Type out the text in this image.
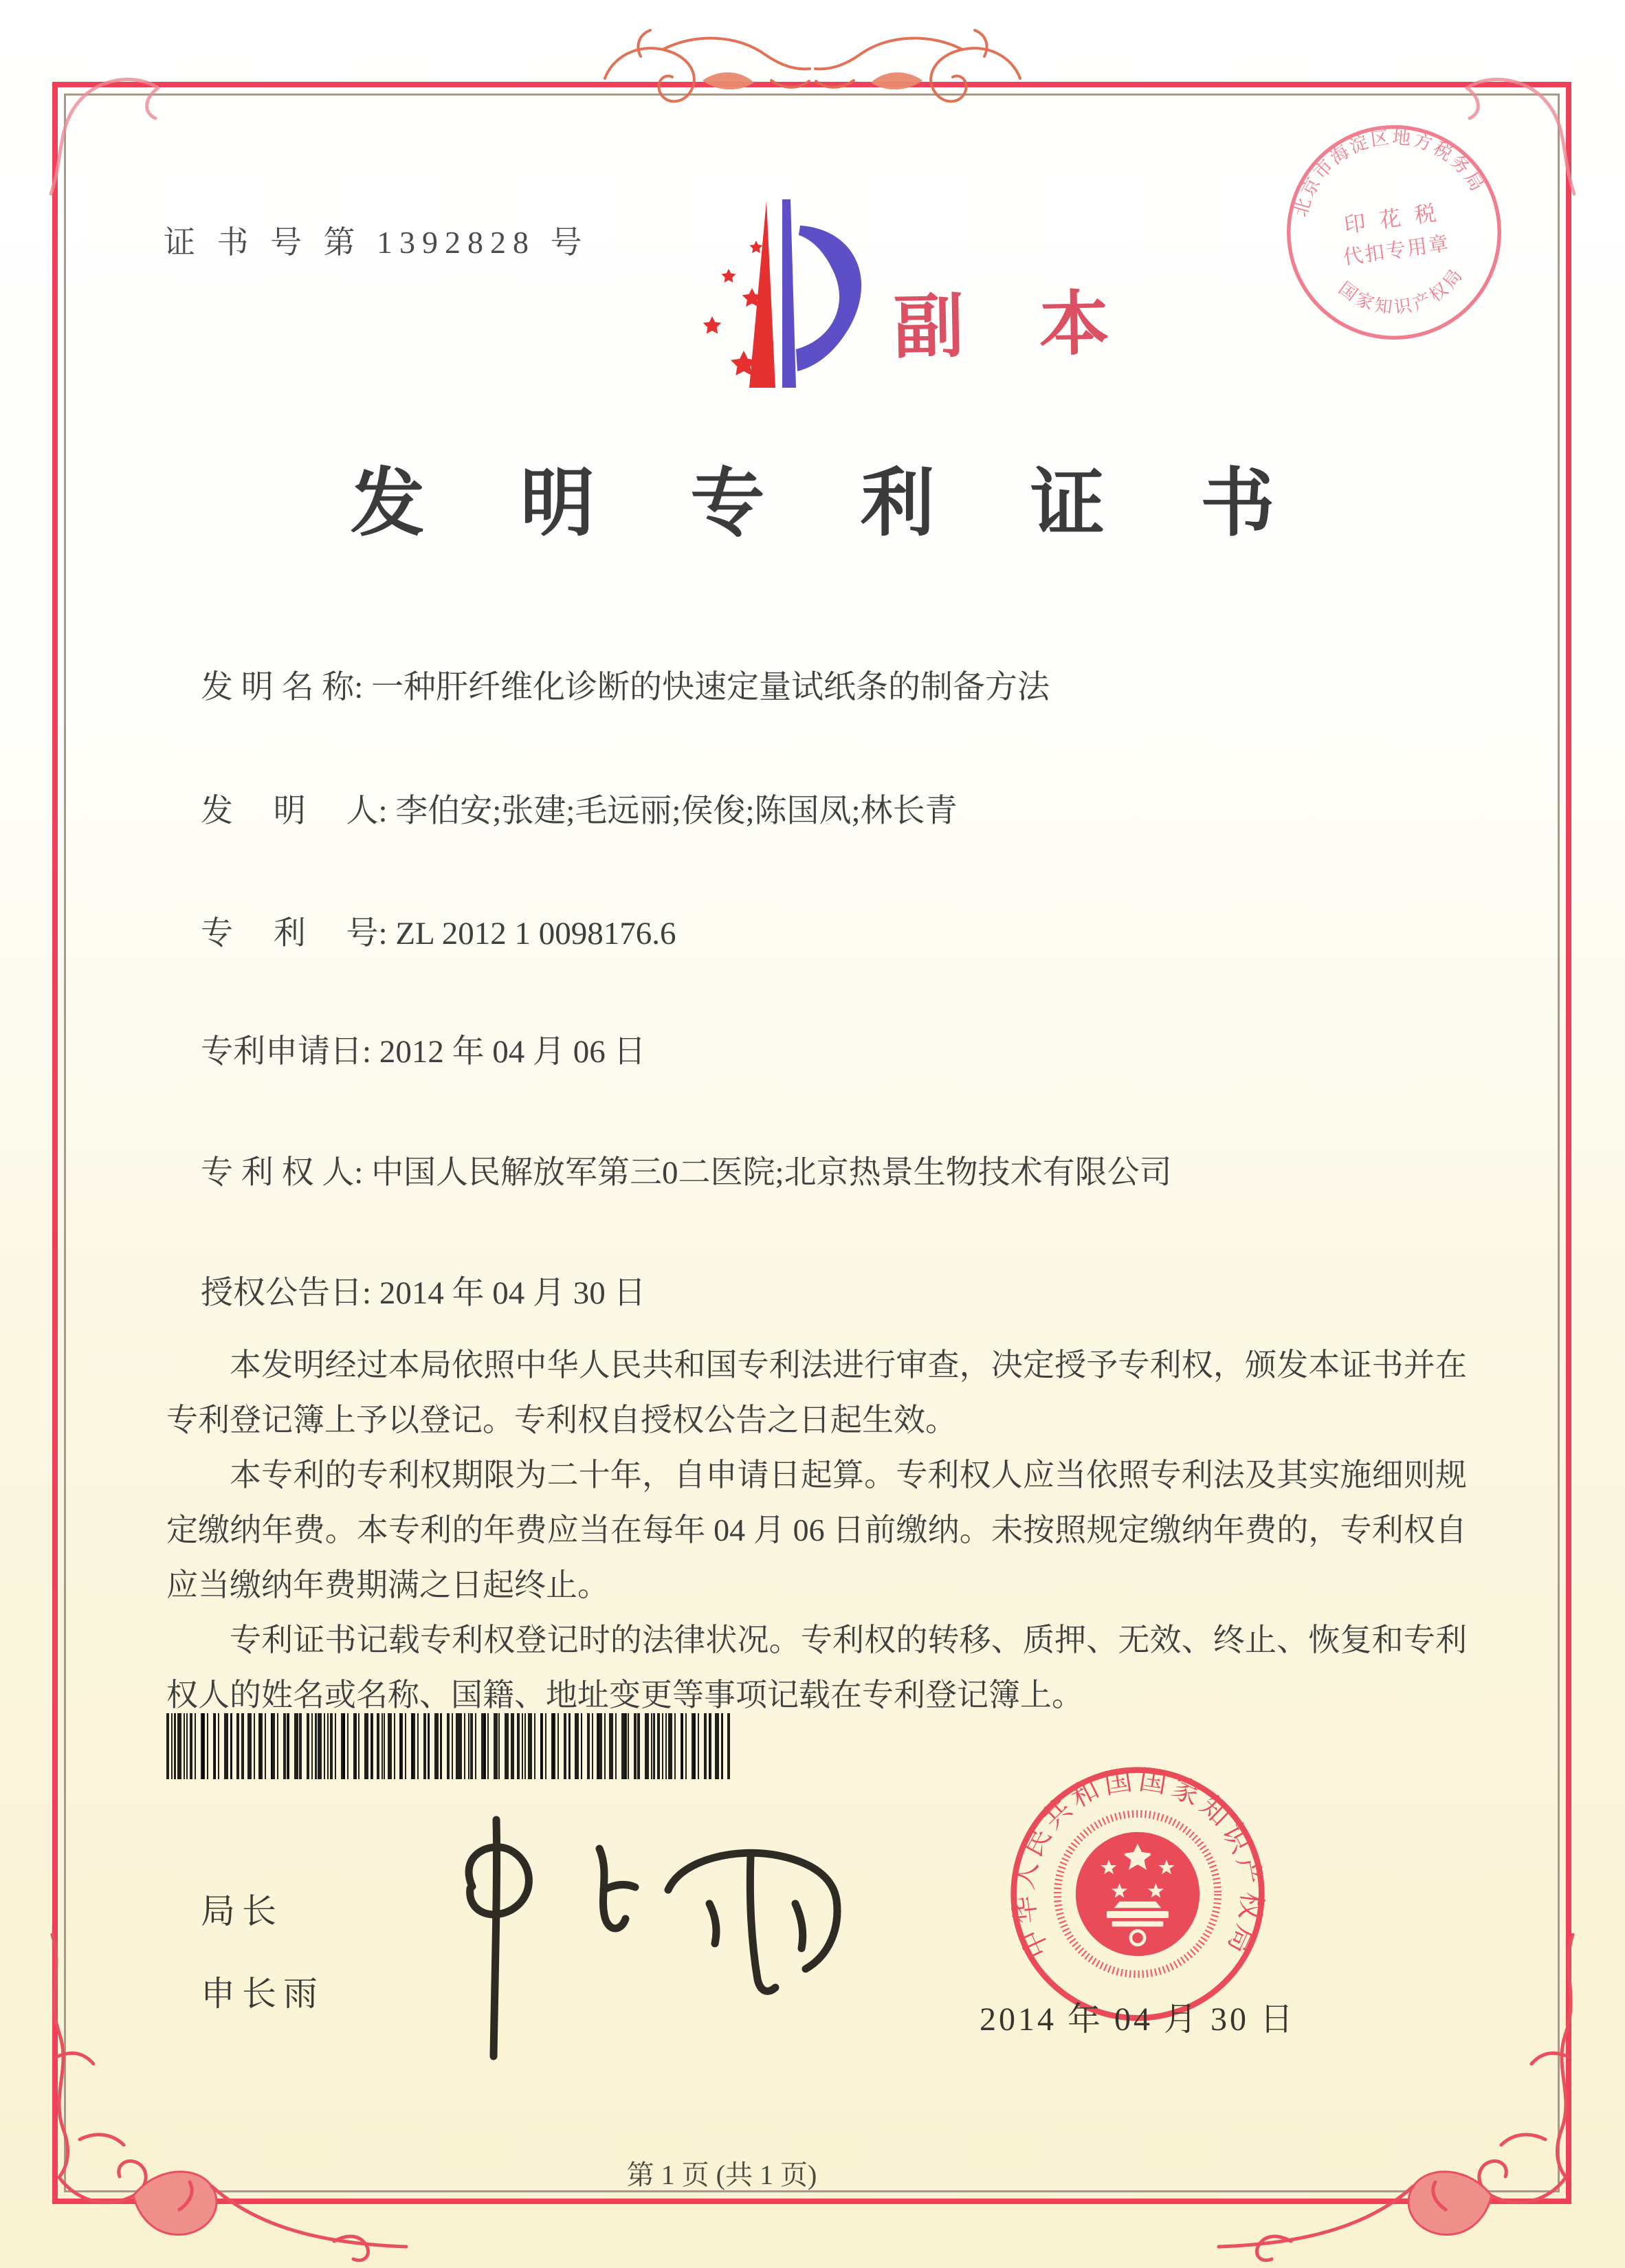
证 书 号 第 1392828 号
副 本
北京市海淀区地方税务局
国家知识产权局
印 花 税
代扣专用章
发 明 专 利 证 书
发 明 名 称: 一种肝纤维化诊断的快速定量试纸条的制备方法
发　 明　 人: 李伯安;张建;毛远丽;侯俊;陈国凤;林长青
专　 利　 号: ZL 2012 1 0098176.6
专利申请日: 2012 年 04 月 06 日
专 利 权 人: 中国人民解放军第三0二医院;北京热景生物技术有限公司
授权公告日: 2014 年 04 月 30 日

本发明经过本局依照中华人民共和国专利法进行审查，决定授予专利权，颁发本证书并在专利登记簿上予以登记。专利权自授权公告之日起生效。

本专利的专利权期限为二十年，自申请日起算。专利权人应当依照专利法及其实施细则规定缴纳年费。本专利的年费应当在每年 04 月 06 日前缴纳。未按照规定缴纳年费的，专利权自应当缴纳年费期满之日起终止。

专利证书记载专利权登记时的法律状况。专利权的转移、质押、无效、终止、恢复和专利权人的姓名或名称、国籍、地址变更等事项记载在专利登记簿上。

局长
申长雨
中华人民共和国国家知识产权局
2014 年 04 月 30 日
第 1 页 (共 1 页)
